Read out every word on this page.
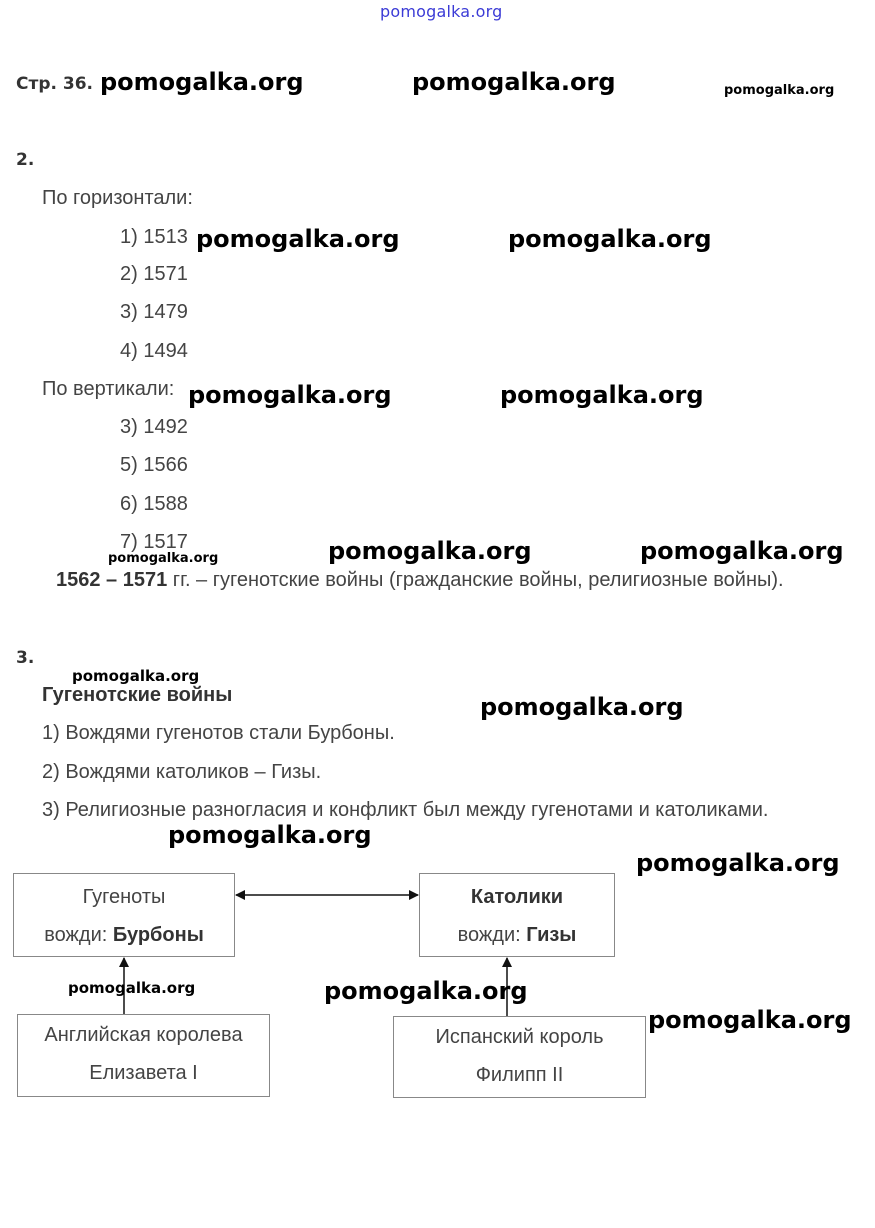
pomogalka.org
Стр. 36.
2.
По горизонтали:
1) 1513
2) 1571
3) 1479
4) 1494
По вертикали:
3) 1492
5) 1566
6) 1588
7) 1517
1562 – 1571 гг. – гугенотские войны (гражданские войны, религиозные войны).
3.
Гугенотские войны
1) Вождями гугенотов стали Бурбоны.
2) Вождями католиков – Гизы.
3) Религиозные разногласия и конфликт был между гугенотами и католиками.
Гугеноты
вожди: Бурбоны
Католики
вожди: Гизы
Английская королева
Елизавета I
Испанский король
Филипп II
pomogalka.org	pomogalka.org	pomogalka.org
pomogalka.org	pomogalka.org
pomogalka.org	pomogalka.org
pomogalka.org	pomogalka.org	pomogalka.org
pomogalka.org
pomogalka.org
pomogalka.org
pomogalka.org
pomogalka.org	pomogalka.org
pomogalka.org
